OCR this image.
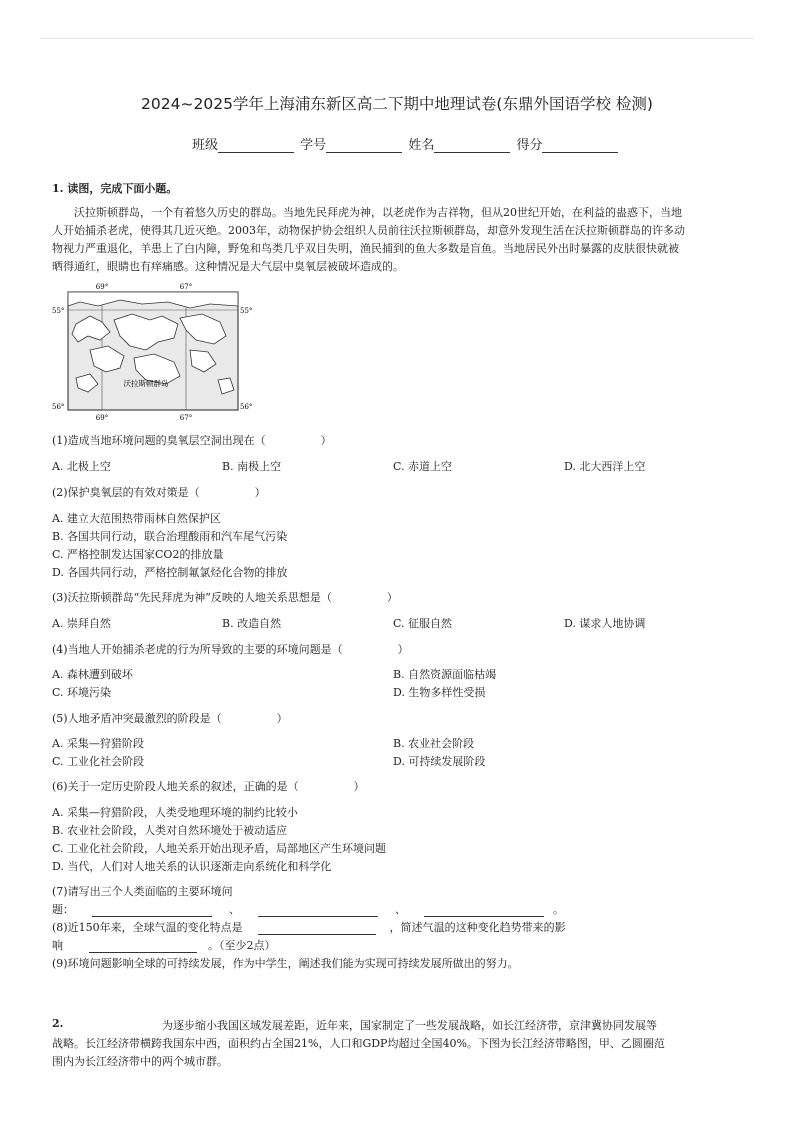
2024~2025学年上海浦东新区高二下期中地理试卷(东鼎外国语学校 检测)
班级	学号	姓名	得分
1. 读图，完成下面小题。
沃拉斯顿群岛，一个有着悠久历史的群岛。当地先民拜虎为神，以老虎作为吉祥物，但从20世纪开始，在利益的蛊惑下，当地
人开始捕杀老虎，使得其几近灭绝。2003年，动物保护协会组织人员前往沃拉斯顿群岛，却意外发现生活在沃拉斯顿群岛的许多动
物视力严重退化，羊患上了白内障，野兔和鸟类几乎双目失明，渔民捕到的鱼大多数是盲鱼。当地居民外出时暴露的皮肤很快就被
晒得通红，眼睛也有痒痛感。这种情况是大气层中臭氧层被破坏造成的。
69°	67°
69°	67°
55°	55°
56°	56°
沃拉斯顿群岛
(1)造成当地环境问题的臭氧层空洞出现在（　　　　　）
A. 北极上空	B. 南极上空	C. 赤道上空	D. 北大西洋上空
(2)保护臭氧层的有效对策是（　　　　　）
A. 建立大范围热带雨林自然保护区
B. 各国共同行动，联合治理酸雨和汽车尾气污染
C. 严格控制发达国家CO2的排放量
D. 各国共同行动，严格控制氟氯烃化合物的排放
(3)沃拉斯顿群岛“先民拜虎为神”反映的人地关系思想是（　　　　　）
A. 崇拜自然	B. 改造自然	C. 征服自然	D. 谋求人地协调
(4)当地人开始捕杀老虎的行为所导致的主要的环境问题是（　　　　　）
A. 森林遭到破坏	B. 自然资源面临枯竭
C. 环境污染	D. 生物多样性受损
(5)人地矛盾冲突最激烈的阶段是（　　　　　）
A. 采集—狩猎阶段	B. 农业社会阶段
C. 工业化社会阶段	D. 可持续发展阶段
(6)关于一定历史阶段人地关系的叙述，正确的是（　　　　　）
A. 采集—狩猎阶段，人类受地理环境的制约比较小
B. 农业社会阶段，人类对自然环境处于被动适应
C. 工业化社会阶段，人地关系开始出现矛盾，局部地区产生环境问题
D. 当代，人们对人地关系的认识逐渐走向系统化和科学化
(7)请写出三个人类面临的主要环境问
题：	、	、	。
(8)近150年来，全球气温的变化特点是	，简述气温的这种变化趋势带来的影
响	。（至少2点）
(9)环境问题影响全球的可持续发展，作为中学生，阐述我们能为实现可持续发展所做出的努力。
2.	为逐步缩小我国区域发展差距，近年来，国家制定了一些发展战略，如长江经济带，京津冀协同发展等
战略。长江经济带横跨我国东中西，面积约占全国21%，人口和GDP均超过全国40%。下图为长江经济带略图，甲、乙圆圈范
围内为长江经济带中的两个城市群。
